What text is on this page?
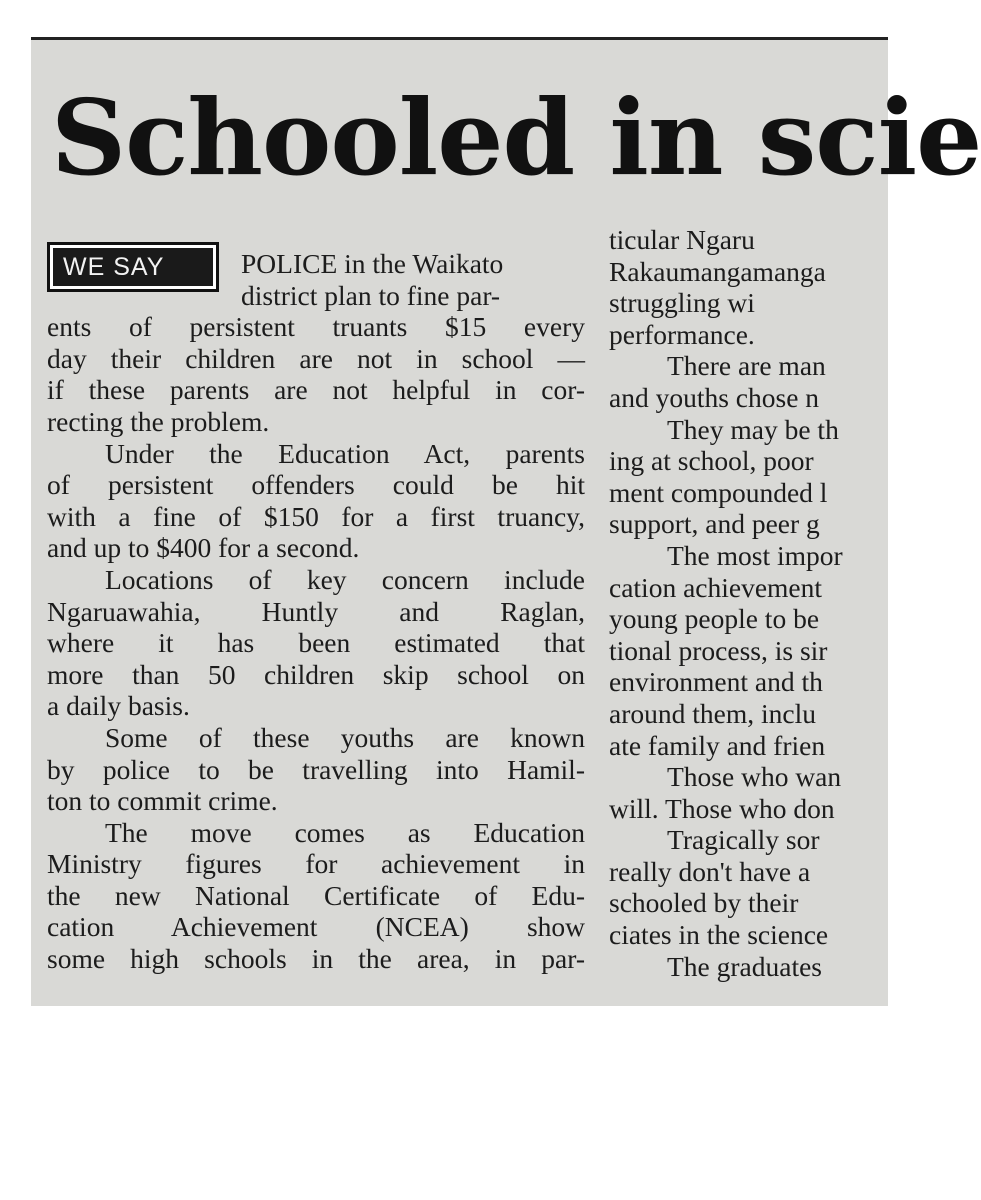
Schooled in scie
WE SAY	POLICE in the Waikato
district plan to fine par-
ents of persistent truants $15 every
day their children are not in school —
if these parents are not helpful in cor-
recting the problem.
Under the Education Act, parents
of persistent offenders could be hit
with a fine of $150 for a first truancy,
and up to $400 for a second.
Locations of key concern include
Ngaruawahia, Huntly and Raglan,
where it has been estimated that
more than 50 children skip school on
a daily basis.
Some of these youths are known
by police to be travelling into Hamil-
ton to commit crime.
The move comes as Education
Ministry figures for achievement in
the new National Certificate of Edu-
cation Achievement (NCEA) show
some high schools in the area, in par-
ticular Ngaru
Rakaumangamanga
struggling wi
performance.
There are man
and youths chose n
They may be th
ing at school, poor
ment compounded l
support, and peer g
The most impor
cation achievement
young people to be
tional process, is sir
environment and th
around them, inclu
ate family and frien
Those who wan
will. Those who don
Tragically sor
really don't have a
schooled by their
ciates in the science
The graduates
